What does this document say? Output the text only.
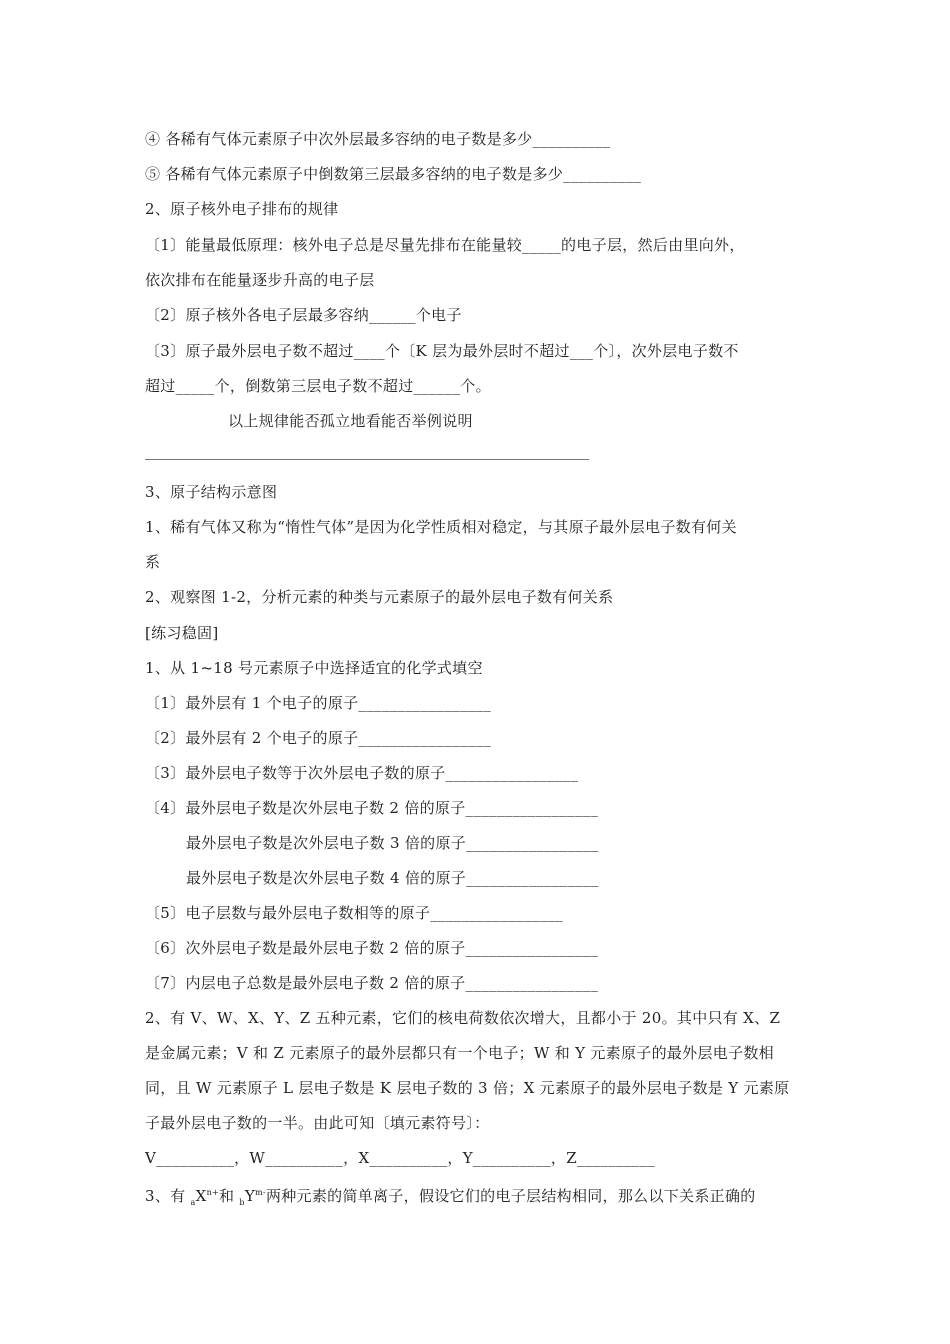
④ 各稀有气体元素原子中次外层最多容纳的电子数是多少__________
⑤ 各稀有气体元素原子中倒数第三层最多容纳的电子数是多少__________
2、原子核外电子排布的规律
〔1〕能量最低原理：核外电子总是尽量先排布在能量较_____的电子层，然后由里向外，
依次排布在能量逐步升高的电子层
〔2〕原子核外各电子层最多容纳______个电子
〔3〕原子最外层电子数不超过____个〔K 层为最外层时不超过___个〕，次外层电子数不
超过_____个，倒数第三层电子数不超过______个。
以上规律能否孤立地看能否举例说明
3、原子结构示意图
1、稀有气体又称为“惰性气体”是因为化学性质相对稳定，与其原子最外层电子数有何关
系
2、观察图 1-2，分析元素的种类与元素原子的最外层电子数有何关系
[练习稳固]
1、从 1~18 号元素原子中选择适宜的化学式填空
〔1〕最外层有 1 个电子的原子_________________
〔2〕最外层有 2 个电子的原子_________________
〔3〕最外层电子数等于次外层电子数的原子_________________
〔4〕最外层电子数是次外层电子数 2 倍的原子_________________
最外层电子数是次外层电子数 3 倍的原子_________________
最外层电子数是次外层电子数 4 倍的原子_________________
〔5〕电子层数与最外层电子数相等的原子_________________
〔6〕次外层电子数是最外层电子数 2 倍的原子_________________
〔7〕内层电子总数是最外层电子数 2 倍的原子_________________
2、有 V、W、X、Y、Z 五种元素，它们的核电荷数依次增大，且都小于 20。其中只有 X、Z
是金属元素；V 和 Z 元素原子的最外层都只有一个电子；W 和 Y 元素原子的最外层电子数相
同，且 W 元素原子 L 层电子数是 K 层电子数的 3 倍；X 元素原子的最外层电子数是 Y 元素原
子最外层电子数的一半。由此可知〔填元素符号〕：
V__________，W__________，X__________，Y__________，Z__________
3、有 $_aX^{n+}$和 $_bY^{m-}$两种元素的简单离子，假设它们的电子层结构相同，那么以下关系正确的
